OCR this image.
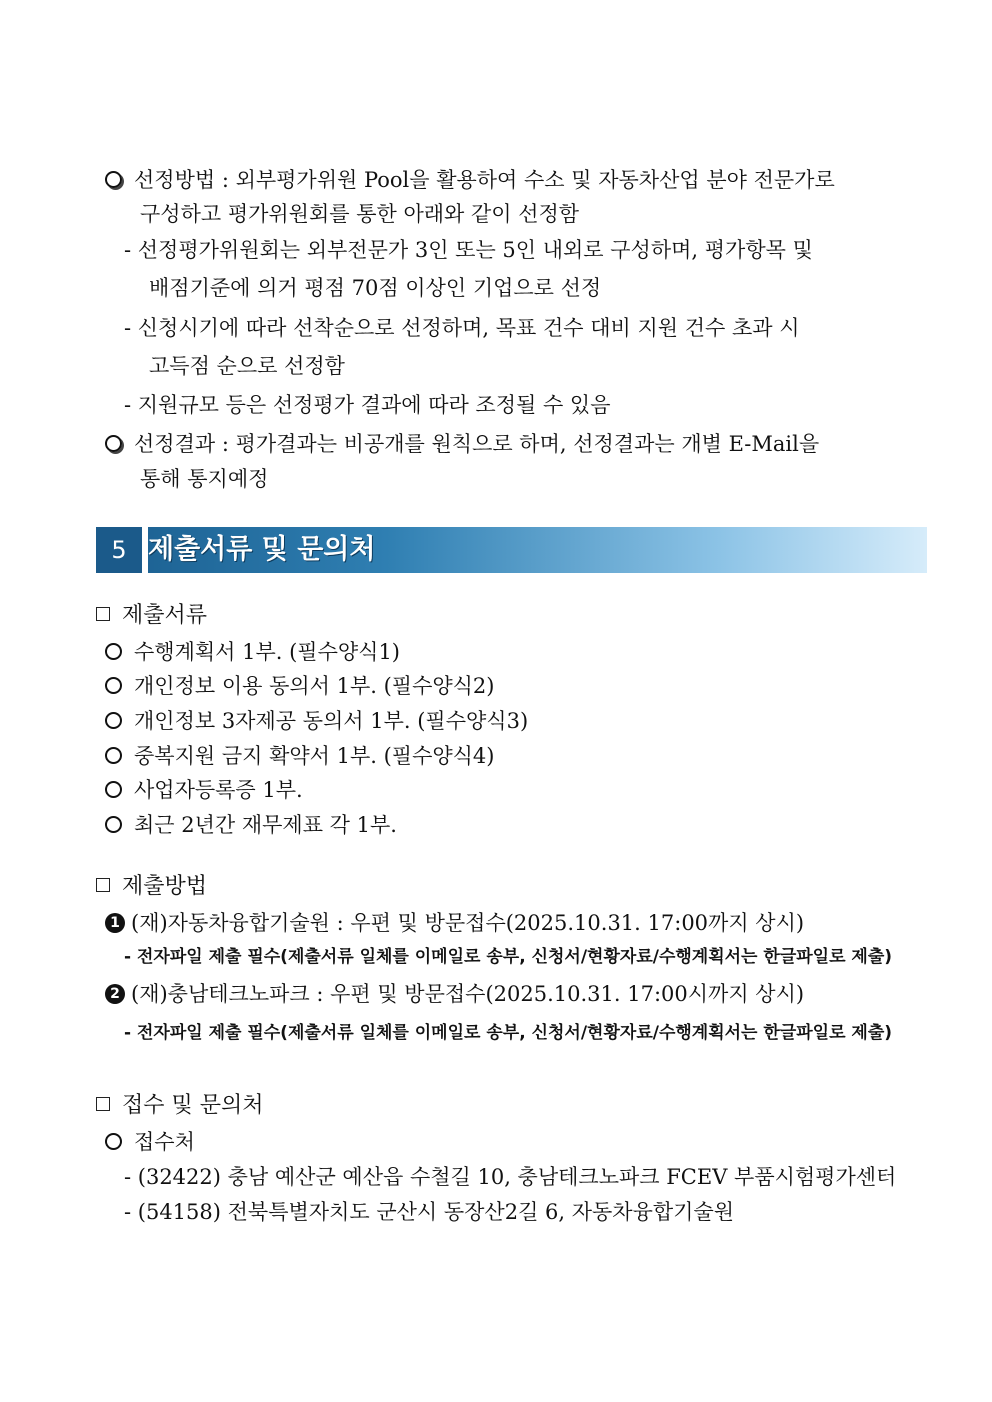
선정방법 : 외부평가위원 Pool을 활용하여 수소 및 자동차산업 분야 전문가로
구성하고 평가위원회를 통한 아래와 같이 선정함
- 선정평가위원회는 외부전문가 3인 또는 5인 내외로 구성하며, 평가항목 및
배점기준에 의거 평점 70점 이상인 기업으로 선정
- 신청시기에 따라 선착순으로 선정하며, 목표 건수 대비 지원 건수 초과 시
고득점 순으로 선정함
- 지원규모 등은 선정평가 결과에 따라 조정될 수 있음
선정결과 : 평가결과는 비공개를 원칙으로 하며, 선정결과는 개별 E-Mail을
통해 통지예정
5 제출서류 및 문의처
제출서류
수행계획서 1부. (필수양식1)
개인정보 이용 동의서 1부. (필수양식2)
개인정보 3자제공 동의서 1부. (필수양식3)
중복지원 금지 확약서 1부. (필수양식4)
사업자등록증 1부.
최근 2년간 재무제표 각 1부.
제출방법
1 (재)자동차융합기술원 : 우편 및 방문접수(2025.10.31. 17:00까지 상시)
- 전자파일 제출 필수(제출서류 일체를 이메일로 송부, 신청서/현황자료/수행계획서는 한글파일로 제출)
2 (재)충남테크노파크 : 우편 및 방문접수(2025.10.31. 17:00시까지 상시)
- 전자파일 제출 필수(제출서류 일체를 이메일로 송부, 신청서/현황자료/수행계획서는 한글파일로 제출)
접수 및 문의처
접수처
- (32422) 충남 예산군 예산읍 수철길 10, 충남테크노파크 FCEV 부품시험평가센터
- (54158) 전북특별자치도 군산시 동장산2길 6, 자동차융합기술원
